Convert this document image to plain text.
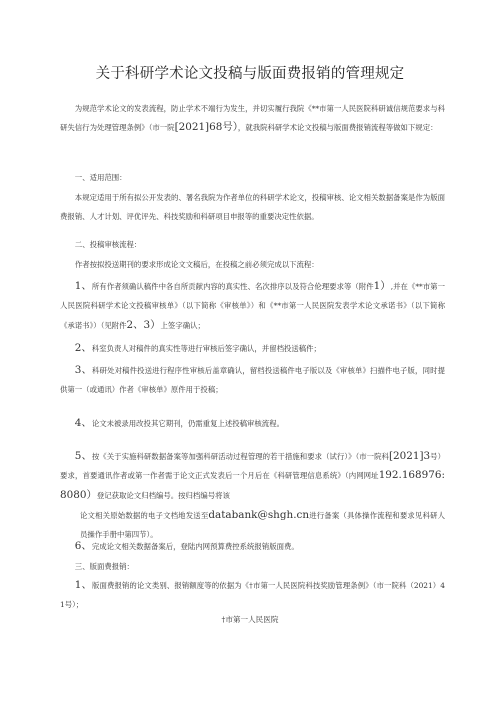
关于科研学术论文投稿与版面费报销的管理规定
为规范学术论文的发表流程，防止学术不端行为发生，并切实履行我院《**市第一人民医院科研诚信规范要求与科研失信行为处理管理条例》（市一院[2021]68号），就我院科研学术论文投稿与版面费报销流程等做如下规定：
一、适用范围：
本规定适用于所有拟公开发表的、署名我院为作者单位的科研学术论文，投稿审核、论文相关数据备案是作为版面费报销、人才计划、评优评先、科技奖励和科研项目申报等的重要决定性依据。
二、投稿审核流程：
作者按拟投送期刊的要求形成论文文稿后，在投稿之前必须完成以下流程：
1、所有作者须确认稿件中各自所贡献内容的真实性、名次排序以及符合伦理要求等（附件1）,并在《**市第一人民医院科研学术论文投稿审核单》（以下简称《审核单》）和《**市第一人民医院发表学术论文承诺书》（以下简称《承诺书》）（见附件2、3）上签字确认；
2、科室负责人对稿件的真实性等进行审核后签字确认，并留档投送稿件；
3、科研处对稿件投送进行程序性审核后盖章确认，留档投送稿件电子版以及《审核单》扫描件电子版，同时提供第一（或通讯）作者《审核单》原件用于投稿；
4、论文未被录用改投其它期刊，仍需重复上述投稿审核流程。
5、按《关于实施科研数据备案等加强科研活动过程管理的若干措施和要求（试行）》（市一院科[2021]3号）要求，首要通讯作者或第一作者需于论文正式发表后一个月后在《科研管理信息系统》（内网网址192.168976:8080）登记获取论文归档编号。按归档编号将该
论文相关原始数据的电子文档地发送至databank@shgh.cn进行备案（具体操作流程和要求见科研人员操作手册中第四节）。
6、完成论文相关数据备案后，登陆内网预算费控系统报销版面费。
三、版面费报销：
1、版面费报销的论文类别、报销额度等的依据为《†市第一人民医院科技奖励管理条例》（市一院科（2021）41号）；
†市第一人民医院
